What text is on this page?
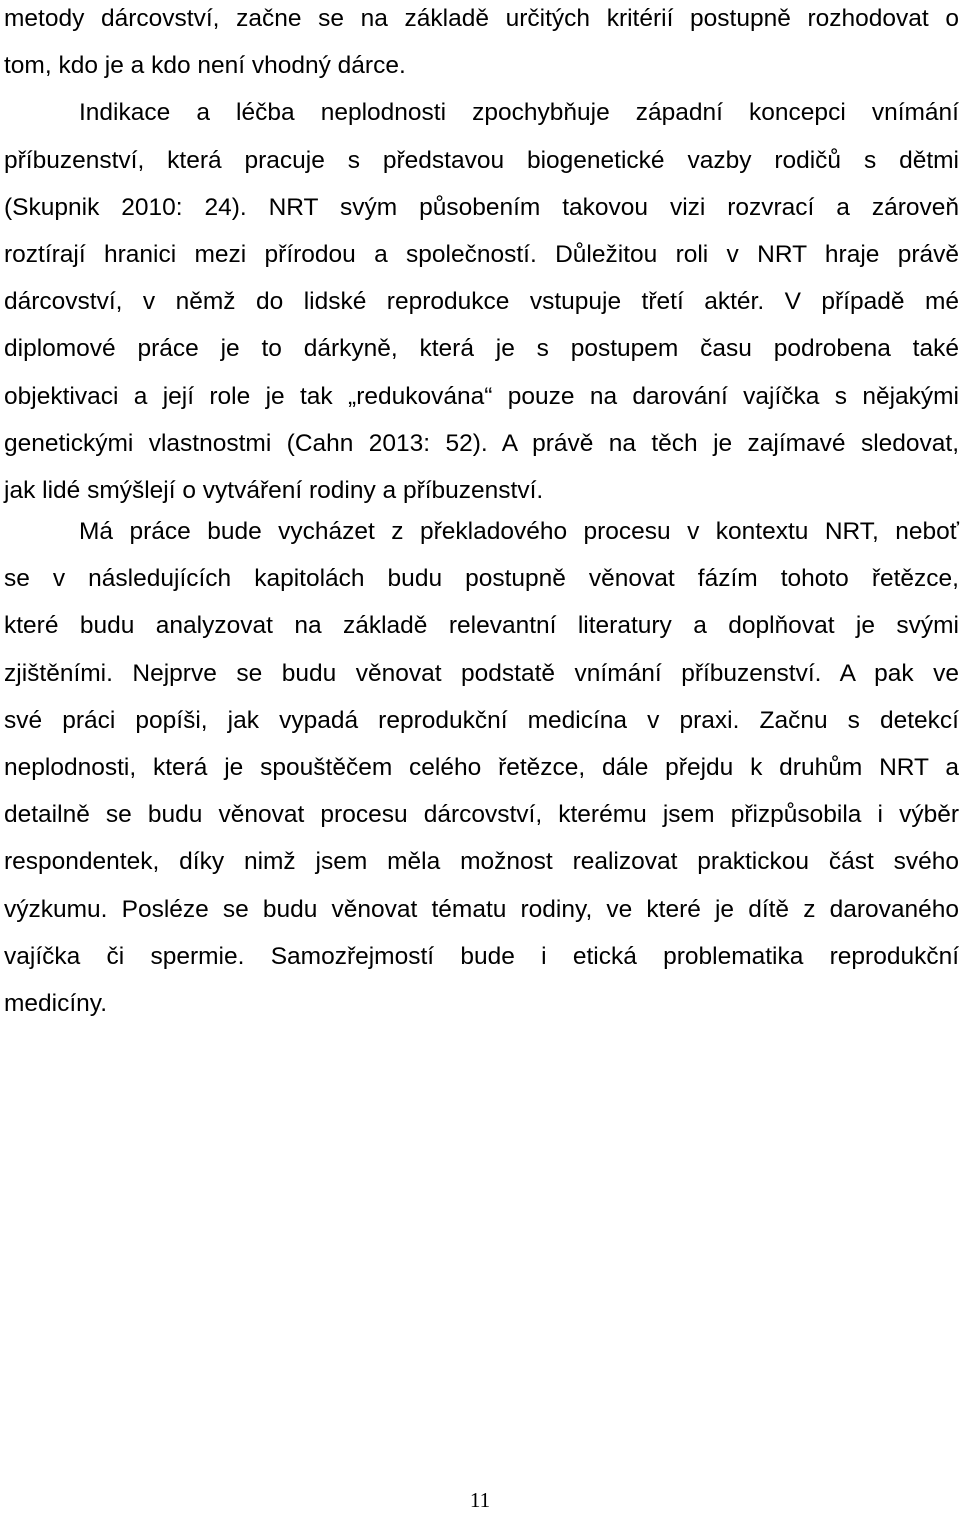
metody dárcovství, začne se na základě určitých kritérií postupně rozhodovat o
tom, kdo je a kdo není vhodný dárce.
Indikace a léčba neplodnosti zpochybňuje západní koncepci vnímání
příbuzenství, která pracuje s představou biogenetické vazby rodičů s dětmi
(Skupnik 2010: 24). NRT svým působením takovou vizi rozvrací a zároveň
roztírají hranici mezi přírodou a společností. Důležitou roli v NRT hraje právě
dárcovství, v němž do lidské reprodukce vstupuje třetí aktér. V případě mé
diplomové práce je to dárkyně, která je s postupem času podrobena také
objektivaci a její role je tak „redukována“ pouze na darování vajíčka s nějakými
genetickými vlastnostmi (Cahn 2013: 52). A právě na těch je zajímavé sledovat,
jak lidé smýšlejí o vytváření rodiny a příbuzenství.
Má práce bude vycházet z překladového procesu v kontextu NRT, neboť
se v následujících kapitolách budu postupně věnovat fázím tohoto řetězce,
které budu analyzovat na základě relevantní literatury a doplňovat je svými
zjištěními. Nejprve se budu věnovat podstatě vnímání příbuzenství. A pak ve
své práci popíši, jak vypadá reprodukční medicína v praxi. Začnu s detekcí
neplodnosti, která je spouštěčem celého řetězce, dále přejdu k druhům NRT a
detailně se budu věnovat procesu dárcovství, kterému jsem přizpůsobila i výběr
respondentek, díky nimž jsem měla možnost realizovat praktickou část svého
výzkumu. Posléze se budu věnovat tématu rodiny, ve které je dítě z darovaného
vajíčka či spermie. Samozřejmostí bude i etická problematika reprodukční
medicíny.
11
